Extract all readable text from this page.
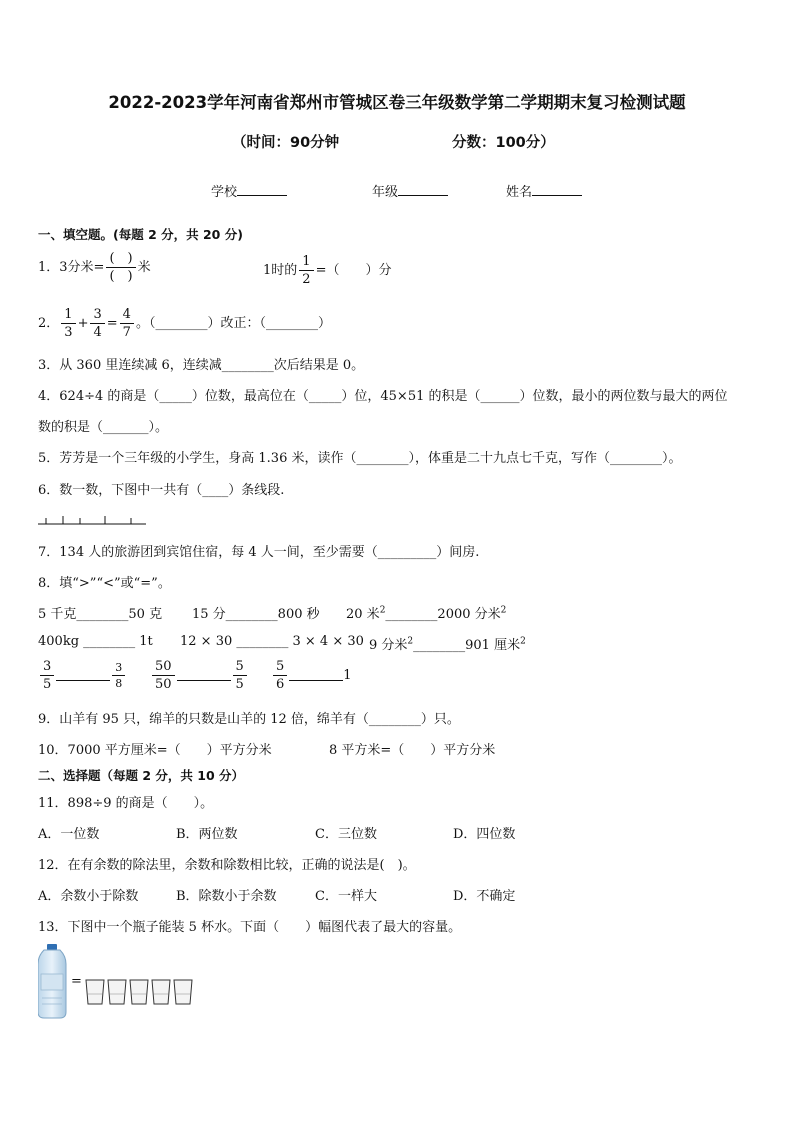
2022-2023学年河南省郑州市管城区卷三年级数学第二学期期末复习检测试题
（时间：90分钟	分数：100分）
学校	年级	姓名
一、填空题。(每题 2 分，共 20 分)
1．3分米= $\frac{( )}{( )}$ 米	1时的 $\frac{1}{2}$ =（　　）分
2． $\frac{1}{3} + \frac{3}{4} = \frac{4}{7}$ 。（________）改正：（________）
3．从 360 里连续减 6，连续减________次后结果是 0。
4．624÷4 的商是（_____）位数，最高位在（_____）位，45×51 的积是（______）位数，最小的两位数与最大的两位
数的积是（_______）。
5．芳芳是一个三年级的小学生，身高 1.36 米，读作（________），体重是二十九点七千克，写作（________）。
6．数一数，下图中一共有（____）条线段.
7．134 人的旅游团到宾馆住宿，每 4 人一间，至少需要（_________）间房.
8．填“>”“<”或“=”。
5 千克________50 克 15 分________800 秒 20 米$^2$________2000 分米$^2$
400kg ________ 1t 12 × 30 ________ 3 × 4 × 30 9 分米$^2$________901 厘米$^2$
$\frac{3}{5}$	$\frac{3}{8} \frac{50}{50}$	$\frac{5}{5} \frac{5}{6}$	1
9．山羊有 95 只，绵羊的只数是山羊的 12 倍，绵羊有（________）只。
10．7000 平方厘米=（　　）平方分米	8 平方米=（　　）平方分米
二、选择题（每题 2 分，共 10 分）
11．898÷9 的商是（　　）。
A．一位数	B．两位数	C．三位数	D．四位数
12．在有余数的除法里，余数和除数相比较，正确的说法是(　)。
A．余数小于除数	B．除数小于余数	C．一样大	D．不确定
13．下图中一个瓶子能装 5 杯水。下面（　　）幅图代表了最大的容量。
=
